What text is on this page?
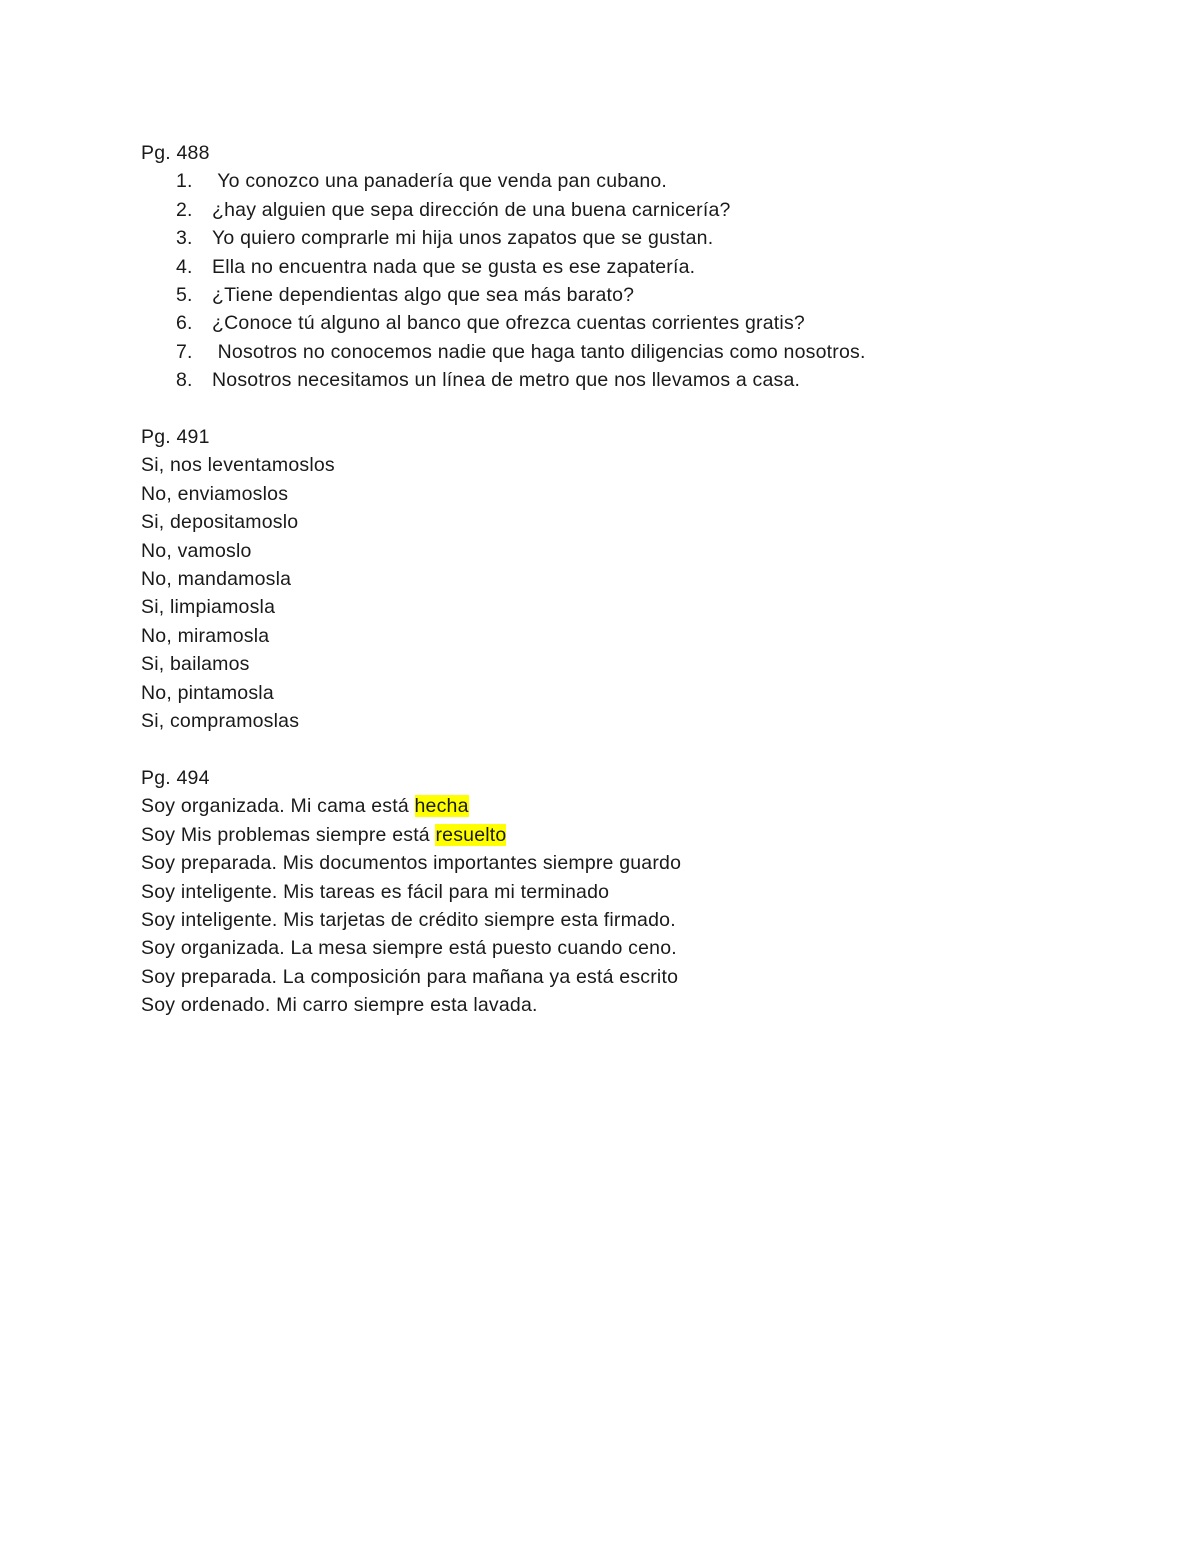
Pg. 488
1. Yo conozco una panadería que venda pan cubano.
2. ¿hay alguien que sepa dirección de una buena carnicería?
3. Yo quiero comprarle mi hija unos zapatos que se gustan.
4. Ella no encuentra nada que se gusta es ese zapatería.
5. ¿Tiene dependientas algo que sea más barato?
6. ¿Conoce tú alguno al banco que ofrezca cuentas corrientes gratis?
7. Nosotros no conocemos nadie que haga tanto diligencias como nosotros.
8. Nosotros necesitamos un línea de metro que nos llevamos a casa.
Pg. 491
Si, nos leventamoslos
No, enviamoslos
Si, depositamoslo
No, vamoslo
No, mandamosla
Si, limpiamosla
No, miramosla
Si, bailamos
No, pintamosla
Si, compramoslas
Pg. 494
Soy organizada. Mi cama está hecha
Soy Mis problemas siempre está resuelto
Soy preparada. Mis documentos importantes siempre guardo
Soy inteligente. Mis tareas es fácil para mi terminado
Soy inteligente. Mis tarjetas de crédito siempre esta firmado.
Soy organizada. La mesa siempre está puesto cuando ceno.
Soy preparada. La composición para mañana ya está escrito
Soy ordenado. Mi carro siempre esta lavada.
